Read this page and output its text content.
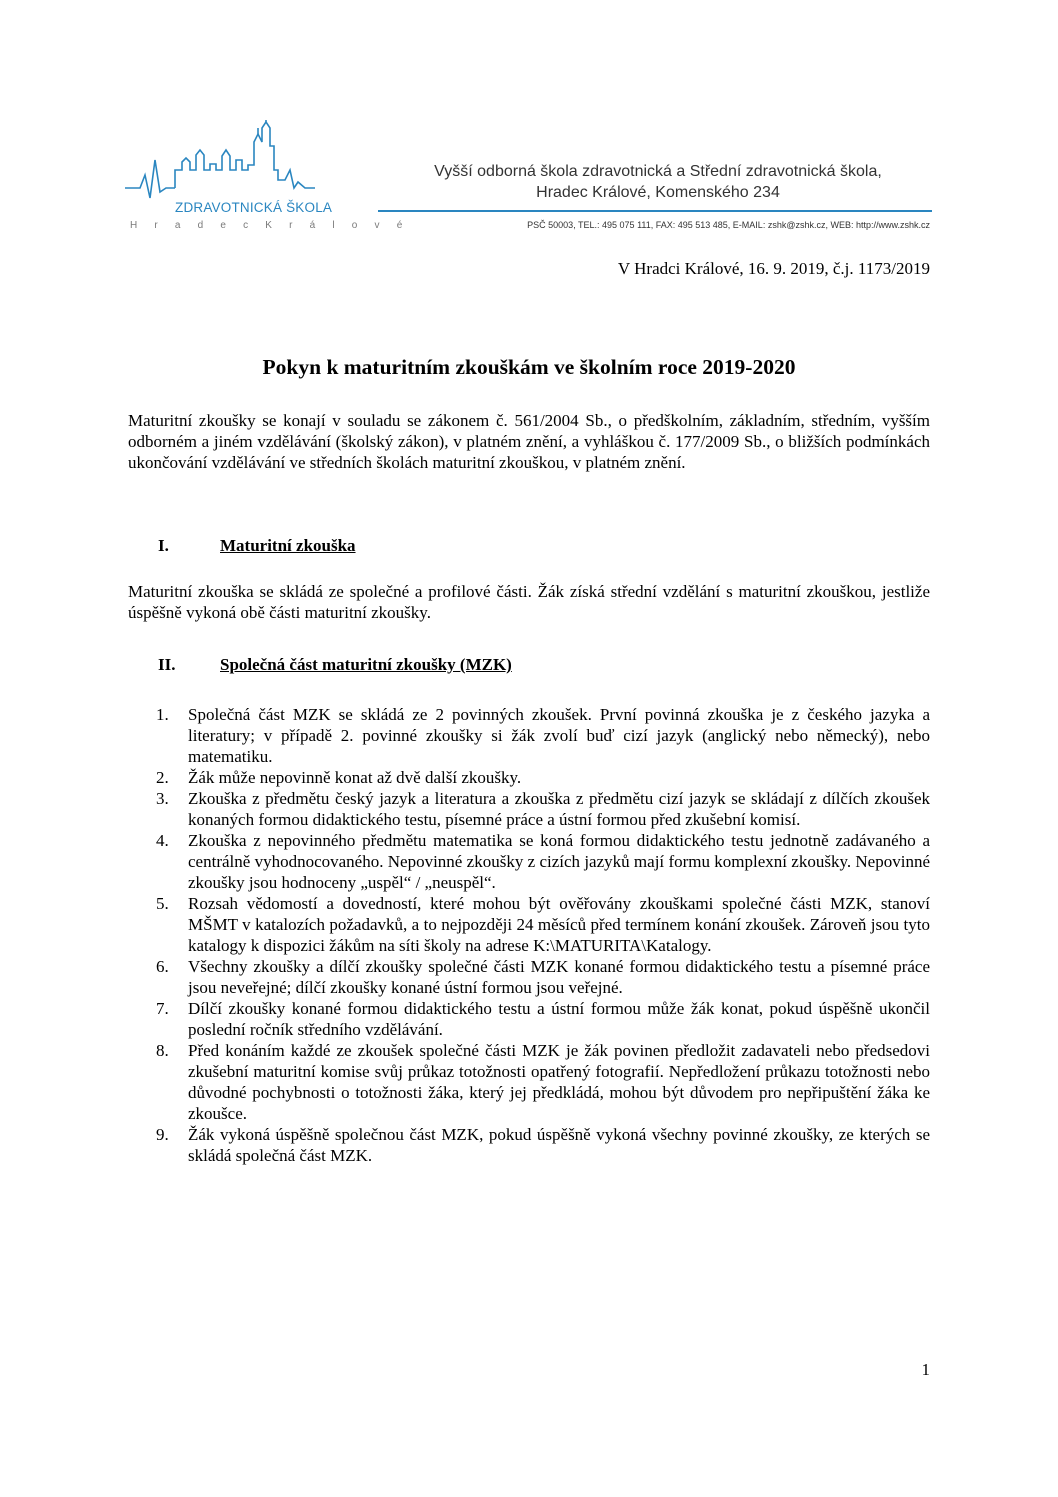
ZDRAVOTNICKÁ ŠKOLA
H r a d e c K r á l o v é
Vyšší odborná škola zdravotnická a Střední zdravotnická škola,
Hradec Králové, Komenského 234
PSČ 50003, TEL.: 495 075 111, FAX: 495 513 485, E-MAIL: zshk@zshk.cz, WEB: http://www.zshk.cz
V Hradci Králové, 16. 9. 2019, č.j. 1173/2019
Pokyn k maturitním zkouškám ve školním roce 2019-2020
Maturitní zkoušky se konají v souladu se zákonem č. 561/2004 Sb., o předškolním, základním, středním, vyšším odborném a jiném vzdělávání (školský zákon), v platném znění, a vyhláškou č. 177/2009 Sb., o bližších podmínkách ukončování vzdělávání ve středních školách maturitní zkouškou, v platném znění.
I.	Maturitní zkouška
Maturitní zkouška se skládá ze společné a profilové části. Žák získá střední vzdělání s maturitní zkouškou, jestliže úspěšně vykoná obě části maturitní zkoušky.
II.	Společná část maturitní zkoušky (MZK)
1. Společná část MZK se skládá ze 2 povinných zkoušek. První povinná zkouška je z českého jazyka a literatury; v případě 2. povinné zkoušky si žák zvolí buď cizí jazyk (anglický nebo německý), nebo matematiku.
2. Žák může nepovinně konat až dvě další zkoušky.
3. Zkouška z předmětu český jazyk a literatura a zkouška z předmětu cizí jazyk se skládají z dílčích zkoušek konaných formou didaktického testu, písemné práce a ústní formou před zkušební komisí.
4. Zkouška z nepovinného předmětu matematika se koná formou didaktického testu jednotně zadávaného a centrálně vyhodnocovaného. Nepovinné zkoušky z cizích jazyků mají formu komplexní zkoušky. Nepovinné zkoušky jsou hodnoceny „uspěl“ / „neuspěl“.
5. Rozsah vědomostí a dovedností, které mohou být ověřovány zkouškami společné části MZK, stanoví MŠMT v katalozích požadavků, a to nejpozději 24 měsíců před termínem konání zkoušek. Zároveň jsou tyto katalogy k dispozici žákům na síti školy na adrese K:\MATURITA\Katalogy.
6. Všechny zkoušky a dílčí zkoušky společné části MZK konané formou didaktického testu a písemné práce jsou neveřejné; dílčí zkoušky konané ústní formou jsou veřejné.
7. Dílčí zkoušky konané formou didaktického testu a ústní formou může žák konat, pokud úspěšně ukončil poslední ročník středního vzdělávání.
8. Před konáním každé ze zkoušek společné části MZK je žák povinen předložit zadavateli nebo předsedovi zkušební maturitní komise svůj průkaz totožnosti opatřený fotografií. Nepředložení průkazu totožnosti nebo důvodné pochybnosti o totožnosti žáka, který jej předkládá, mohou být důvodem pro nepřipuštění žáka ke zkoušce.
9. Žák vykoná úspěšně společnou část MZK, pokud úspěšně vykoná všechny povinné zkoušky, ze kterých se skládá společná část MZK.
1
